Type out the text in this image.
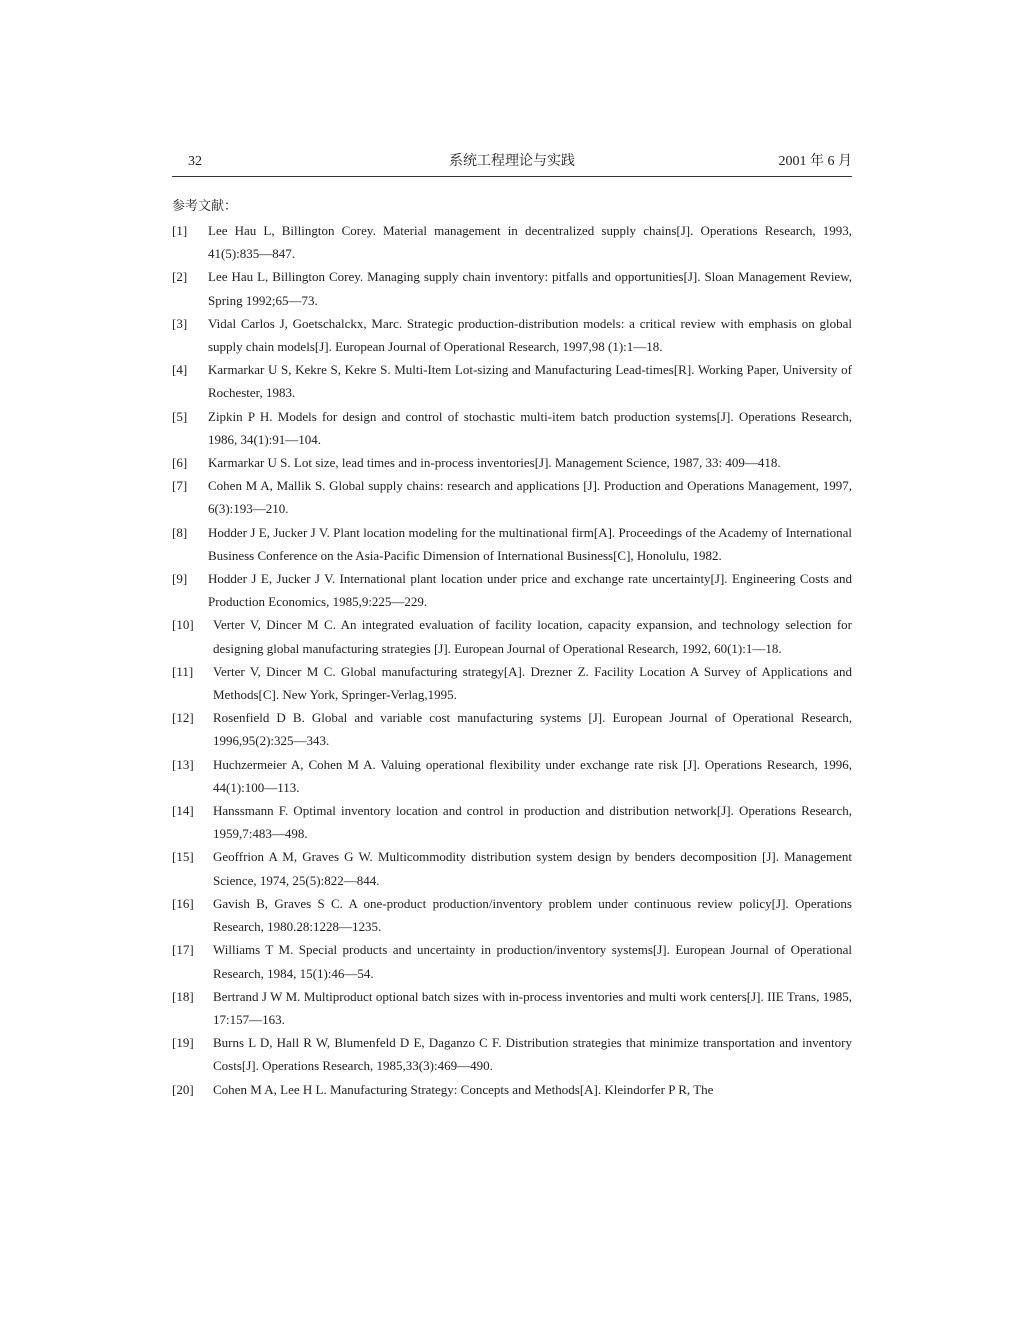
系统工程理论与实践
32	2001 年 6 月
参考文献：
[1]	Lee Hau L, Billington Corey. Material management in decentralized supply chains[J]. Operations Research, 1993, 41(5):835—847.
[2]	Lee Hau L, Billington Corey. Managing supply chain inventory: pitfalls and opportunities[J]. Sloan Management Review, Spring 1992;65—73.
[3]	Vidal Carlos J, Goetschalckx, Marc. Strategic production-distribution models: a critical review with emphasis on global supply chain models[J]. European Journal of Operational Research, 1997,98 (1):1—18.
[4]	Karmarkar U S, Kekre S, Kekre S. Multi-Item Lot-sizing and Manufacturing Lead-times[R]. Working Paper, University of Rochester, 1983.
[5]	Zipkin P H. Models for design and control of stochastic multi-item batch production systems[J]. Operations Research, 1986, 34(1):91—104.
[6]	Karmarkar U S. Lot size, lead times and in-process inventories[J]. Management Science, 1987, 33: 409—418.
[7]	Cohen M A, Mallik S. Global supply chains: research and applications [J]. Production and Operations Management, 1997, 6(3):193—210.
[8]	Hodder J E, Jucker J V. Plant location modeling for the multinational firm[A]. Proceedings of the Academy of International Business Conference on the Asia-Pacific Dimension of International Business[C], Honolulu, 1982.
[9]	Hodder J E, Jucker J V. International plant location under price and exchange rate uncertainty[J]. Engineering Costs and Production Economics, 1985,9:225—229.
[10]	Verter V, Dincer M C. An integrated evaluation of facility location, capacity expansion, and technology selection for designing global manufacturing strategies [J]. European Journal of Operational Research, 1992, 60(1):1—18.
[11]	Verter V, Dincer M C. Global manufacturing strategy[A]. Drezner Z. Facility Location A Survey of Applications and Methods[C]. New York, Springer-Verlag,1995.
[12]	Rosenfield D B. Global and variable cost manufacturing systems [J]. European Journal of Operational Research, 1996,95(2):325—343.
[13]	Huchzermeier A, Cohen M A. Valuing operational flexibility under exchange rate risk [J]. Operations Research, 1996, 44(1):100—113.
[14]	Hanssmann F. Optimal inventory location and control in production and distribution network[J]. Operations Research, 1959,7:483—498.
[15]	Geoffrion A M, Graves G W. Multicommodity distribution system design by benders decomposition [J]. Management Science, 1974, 25(5):822—844.
[16]	Gavish B, Graves S C. A one-product production/inventory problem under continuous review policy[J]. Operations Research, 1980.28:1228—1235.
[17]	Williams T M. Special products and uncertainty in production/inventory systems[J]. European Journal of Operational Research, 1984, 15(1):46—54.
[18]	Bertrand J W M. Multiproduct optional batch sizes with in-process inventories and multi work centers[J]. IIE Trans, 1985, 17:157—163.
[19]	Burns L D, Hall R W, Blumenfeld D E, Daganzo C F. Distribution strategies that minimize transportation and inventory Costs[J]. Operations Research, 1985,33(3):469—490.
[20]	Cohen M A, Lee H L. Manufacturing Strategy: Concepts and Methods[A]. Kleindorfer P R, The
